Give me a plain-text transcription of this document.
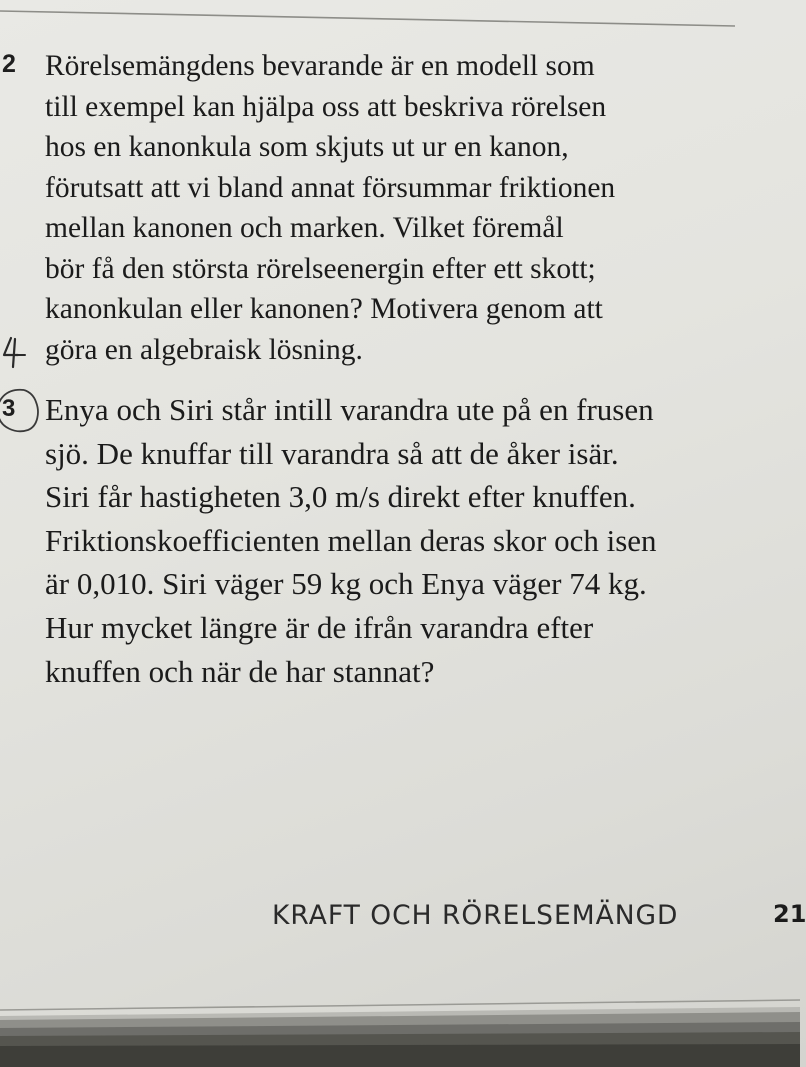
2 Rörelsemängdens bevarande är en modell som
till exempel kan hjälpa oss att beskriva rörelsen
hos en kanonkula som skjuts ut ur en kanon,
förutsatt att vi bland annat försummar friktionen
mellan kanonen och marken. Vilket föremål
bör få den största rörelseenergin efter ett skott;
kanonkulan eller kanonen? Motivera genom att
göra en algebraisk lösning.
3 Enya och Siri står intill varandra ute på en frusen
sjö. De knuffar till varandra så att de åker isär.
Siri får hastigheten 3,0 m/s direkt efter knuffen.
Friktionskoefficienten mellan deras skor och isen
är 0,010. Siri väger 59 kg och Enya väger 74 kg.
Hur mycket längre är de ifrån varandra efter
knuffen och när de har stannat?
KRAFT OCH RÖRELSEMÄNGD	21
